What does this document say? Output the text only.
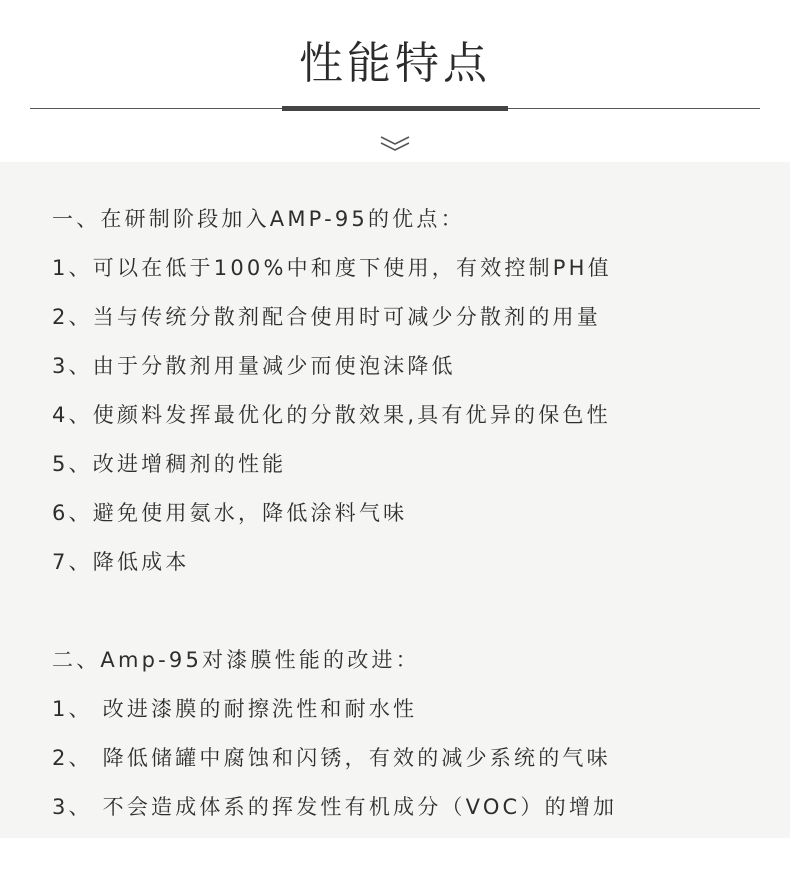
性能特点
一、在研制阶段加入AMP-95的优点：
1、可以在低于100%中和度下使用，有效控制PH值
2、当与传统分散剂配合使用时可减少分散剂的用量
3、由于分散剂用量减少而使泡沫降低
4、使颜料发挥最优化的分散效果,具有优异的保色性
5、改进增稠剂的性能
6、避免使用氨水，降低涂料气味
7、降低成本
二、Amp-95对漆膜性能的改进：
1、 改进漆膜的耐擦洗性和耐水性
2、 降低储罐中腐蚀和闪锈，有效的减少系统的气味
3、 不会造成体系的挥发性有机成分（VOC）的增加
